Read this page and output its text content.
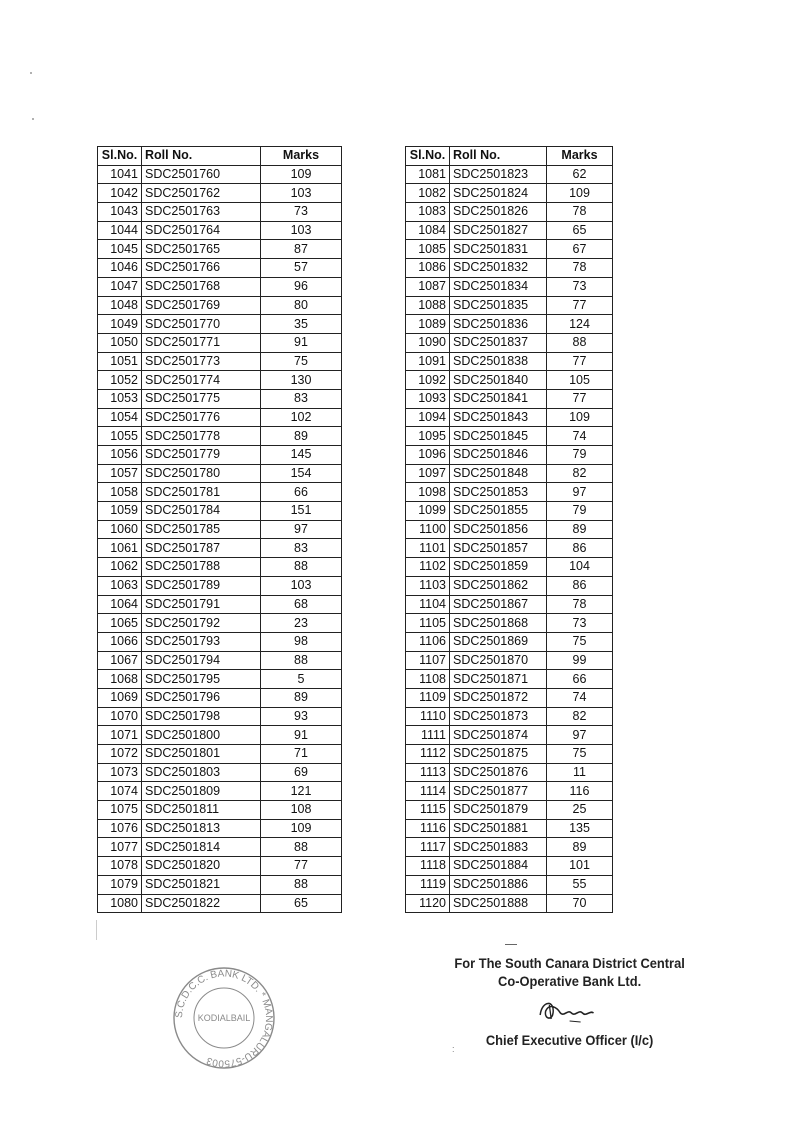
Sl.No.	Roll No.	Marks
1041	SDC2501760	109
1042	SDC2501762	103
1043	SDC2501763	73
1044	SDC2501764	103
1045	SDC2501765	87
1046	SDC2501766	57
1047	SDC2501768	96
1048	SDC2501769	80
1049	SDC2501770	35
1050	SDC2501771	91
1051	SDC2501773	75
1052	SDC2501774	130
1053	SDC2501775	83
1054	SDC2501776	102
1055	SDC2501778	89
1056	SDC2501779	145
1057	SDC2501780	154
1058	SDC2501781	66
1059	SDC2501784	151
1060	SDC2501785	97
1061	SDC2501787	83
1062	SDC2501788	88
1063	SDC2501789	103
1064	SDC2501791	68
1065	SDC2501792	23
1066	SDC2501793	98
1067	SDC2501794	88
1068	SDC2501795	5
1069	SDC2501796	89
1070	SDC2501798	93
1071	SDC2501800	91
1072	SDC2501801	71
1073	SDC2501803	69
1074	SDC2501809	121
1075	SDC2501811	108
1076	SDC2501813	109
1077	SDC2501814	88
1078	SDC2501820	77
1079	SDC2501821	88
1080	SDC2501822	65
Sl.No.	Roll No.	Marks
1081	SDC2501823	62
1082	SDC2501824	109
1083	SDC2501826	78
1084	SDC2501827	65
1085	SDC2501831	67
1086	SDC2501832	78
1087	SDC2501834	73
1088	SDC2501835	77
1089	SDC2501836	124
1090	SDC2501837	88
1091	SDC2501838	77
1092	SDC2501840	105
1093	SDC2501841	77
1094	SDC2501843	109
1095	SDC2501845	74
1096	SDC2501846	79
1097	SDC2501848	82
1098	SDC2501853	97
1099	SDC2501855	79
1100	SDC2501856	89
1101	SDC2501857	86
1102	SDC2501859	104
1103	SDC2501862	86
1104	SDC2501867	78
1105	SDC2501868	73
1106	SDC2501869	75
1107	SDC2501870	99
1108	SDC2501871	66
1109	SDC2501872	74
1110	SDC2501873	82
1111	SDC2501874	97
1112	SDC2501875	75
1113	SDC2501876	11
1114	SDC2501877	116
1115	SDC2501879	25
1116	SDC2501881	135
1117	SDC2501883	89
1118	SDC2501884	101
1119	SDC2501886	55
1120	SDC2501888	70
S.C.D.C.C. BANK LTD. * MANGALURU-575003
KODIALBAIL
:
For The South Canara District Central
Co-Operative Bank Ltd.
Chief Executive Officer (I/c)
